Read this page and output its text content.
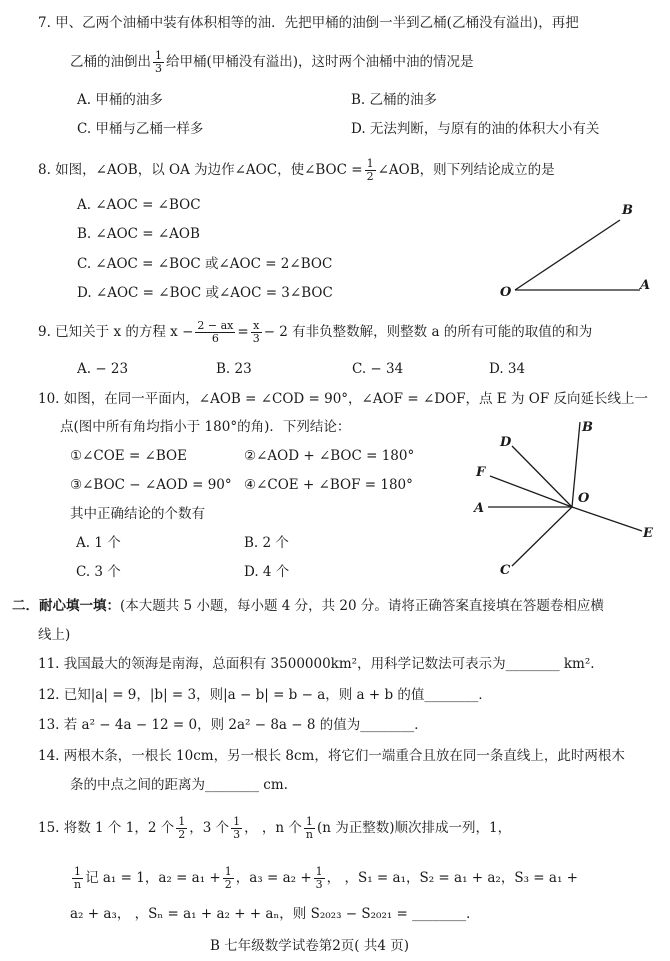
7. 甲、乙两个油桶中装有体积相等的油．先把甲桶的油倒一半到乙桶(乙桶没有溢出)，再把
乙桶的油倒出 $\frac{1}{3}$ 给甲桶(甲桶没有溢出)，这时两个油桶中油的情况是
A. 甲桶的油多	B. 乙桶的油多
C. 甲桶与乙桶一样多	D. 无法判断，与原有的油的体积大小有关
8. 如图，∠AOB，以 OA 为边作∠AOC，使∠BOC = $\frac{1}{2}$ ∠AOB，则下列结论成立的是
A. ∠AOC = ∠BOC
B. ∠AOC = ∠AOB
C. ∠AOC = ∠BOC 或∠AOC = 2∠BOC
D. ∠AOC = ∠BOC 或∠AOC = 3∠BOC
B
O	A
9. 已知关于 x 的方程 $x - \frac{2 - ax}{6} = \frac{x}{3} - 2$ 有非负整数解，则整数 a 的所有可能的取值的和为
A. − 23	B. 23	C. − 34	D. 34
10. 如图，在同一平面内，∠AOB = ∠COD = 90°，∠AOF = ∠DOF，点 E 为 OF 反向延长线上一
点(图中所有角均指小于 180°的角)．下列结论：
①∠COE = ∠BOE	②∠AOD + ∠BOC = 180°
③∠BOC − ∠AOD = 90° ④∠COE + ∠BOF = 180°
其中正确结论的个数有
A. 1 个	B. 2 个
C. 3 个	D. 4 个
B
D
F
A
O
E
C
二．耐心填一填：(本大题共 5 小题，每小题 4 分，共 20 分。请将正确答案直接填在答题卷相应横
线上)
11. 我国最大的领海是南海，总面积有 3500000km²，用科学记数法可表示为________ km².
12. 已知|a| = 9，|b| = 3，则|a − b| = b − a，则 a + b 的值________．
13. 若 a² − 4a − 12 = 0，则 2a² − 8a − 8 的值为________．
14. 两根木条，一根长 10cm，另一根长 8cm，将它们一端重合且放在同一条直线上，此时两根木
条的中点之间的距离为________ cm.
15. 将数 1 个 1，2 个 $\frac{1}{2}$ ，3 个 $\frac{1}{3}$ ， ，n 个 $\frac{1}{n} (n$ 为正整数)顺次排成一列，1，
$\frac{1}{n}$ 记 a₁ = 1，$a_2 = a_1 + \frac{1}{2}$ ，$a_3 = a_2 + \frac{1}{3}$ ， ，S₁ = a₁，S₂ = a₁ + a₂，S₃ = a₁ +
a₂ + a₃， ，Sₙ = a₁ + a₂ + + aₙ，则 S₂₀₂₃ − S₂₀₂₁ = ________．
B 七年级数学试卷第2页( 共4 页)
